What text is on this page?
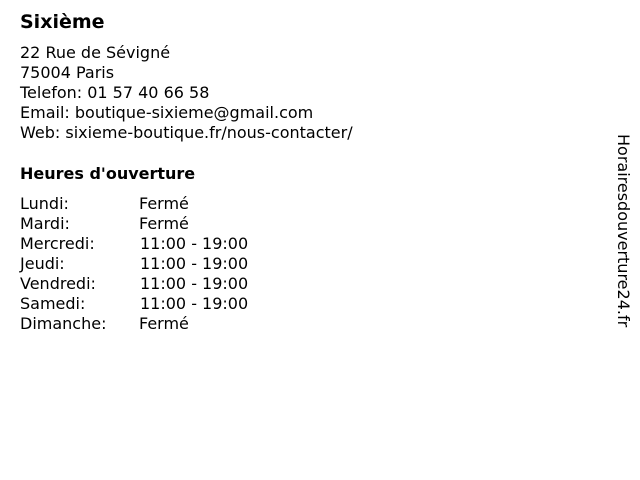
Sixième
22 Rue de Sévigné
75004 Paris
Telefon: 01 57 40 66 58
Email: boutique-sixieme@gmail.com
Web: sixieme-boutique.fr/nous-contacter/
Heures d'ouverture
Lundi:	Fermé
Mardi:	Fermé
Mercredi:	11:00 - 19:00
Jeudi:	11:00 - 19:00
Vendredi:	11:00 - 19:00
Samedi:	11:00 - 19:00
Dimanche:	Fermé	Horairesdouverture24.fr
